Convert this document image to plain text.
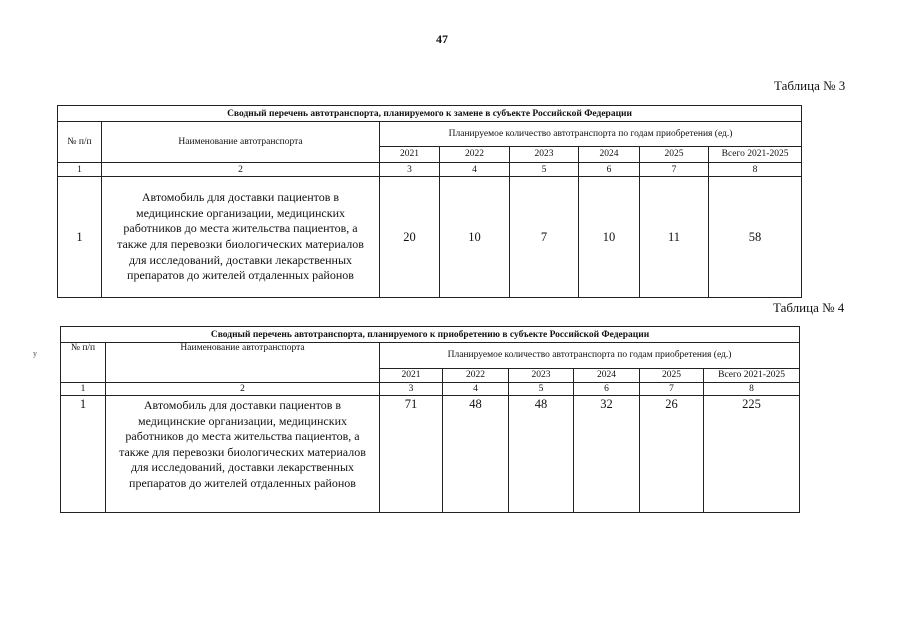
47
у
Таблица № 3
Сводный перечень автотранспорта, планируемого к замене в субъекте Российской Федерации							
№ п/п	Наименование автотранспорта	Планируемое количество автотранспорта по годам приобретения (ед.)					
		2021	2022	2023	2024	2025	Всего 2021-2025
1	2	3	4	5	6	7	8
1	Автомобиль для доставки пациентов в медицинские организации, медицинских работников до места жительства пациентов, а также для перевозки биологических материалов для исследований, доставки лекарственных препаратов до жителей отдаленных районов	20	10	7	10	11	58
Таблица № 4
Сводный перечень автотранспорта, планируемого к приобретению в субъекте Российской Федерации							
№ п/п	Наименование автотранспорта	Планируемое количество автотранспорта по годам приобретения (ед.)					
		2021	2022	2023	2024	2025	Всего 2021-2025
1	2	3	4	5	6	7	8
1	Автомобиль для доставки пациентов в медицинские организации, медицинских работников до места жительства пациентов, а также для перевозки биологических материалов для исследований, доставки лекарственных препаратов до жителей отдаленных районов	71	48	48	32	26	225
